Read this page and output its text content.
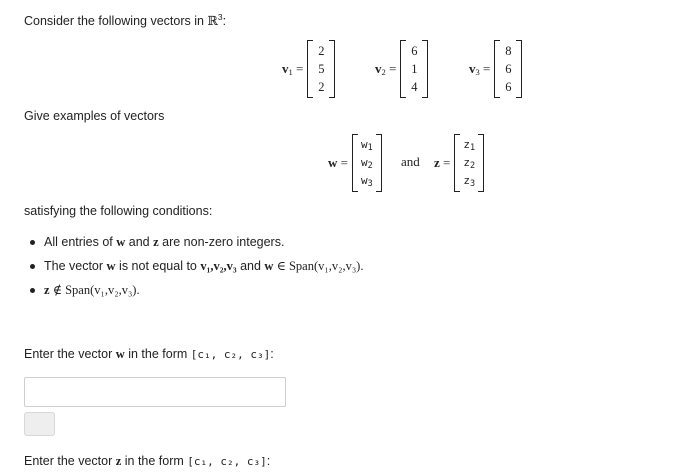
Consider the following vectors in ℝ$^3$:
$v_1$ =
2
5
2
$v_2$ =
6
1
4
$v_3$ =
8
6
6
Give examples of vectors
w =
$w_1$
$w_2$
$w_3$
and z =
$z_1$
$z_2$
$z_3$
satisfying the following conditions:
All entries of w and z are non-zero integers.
The vector w is not equal to v₁,v₂,v₃ and w ∈ Span(v₁,v₂,v₃).
z ∉ Span(v₁,v₂,v₃).
Enter the vector w in the form [c₁, c₂, c₃]:
Enter the vector z in the form [c₁, c₂, c₃]:
